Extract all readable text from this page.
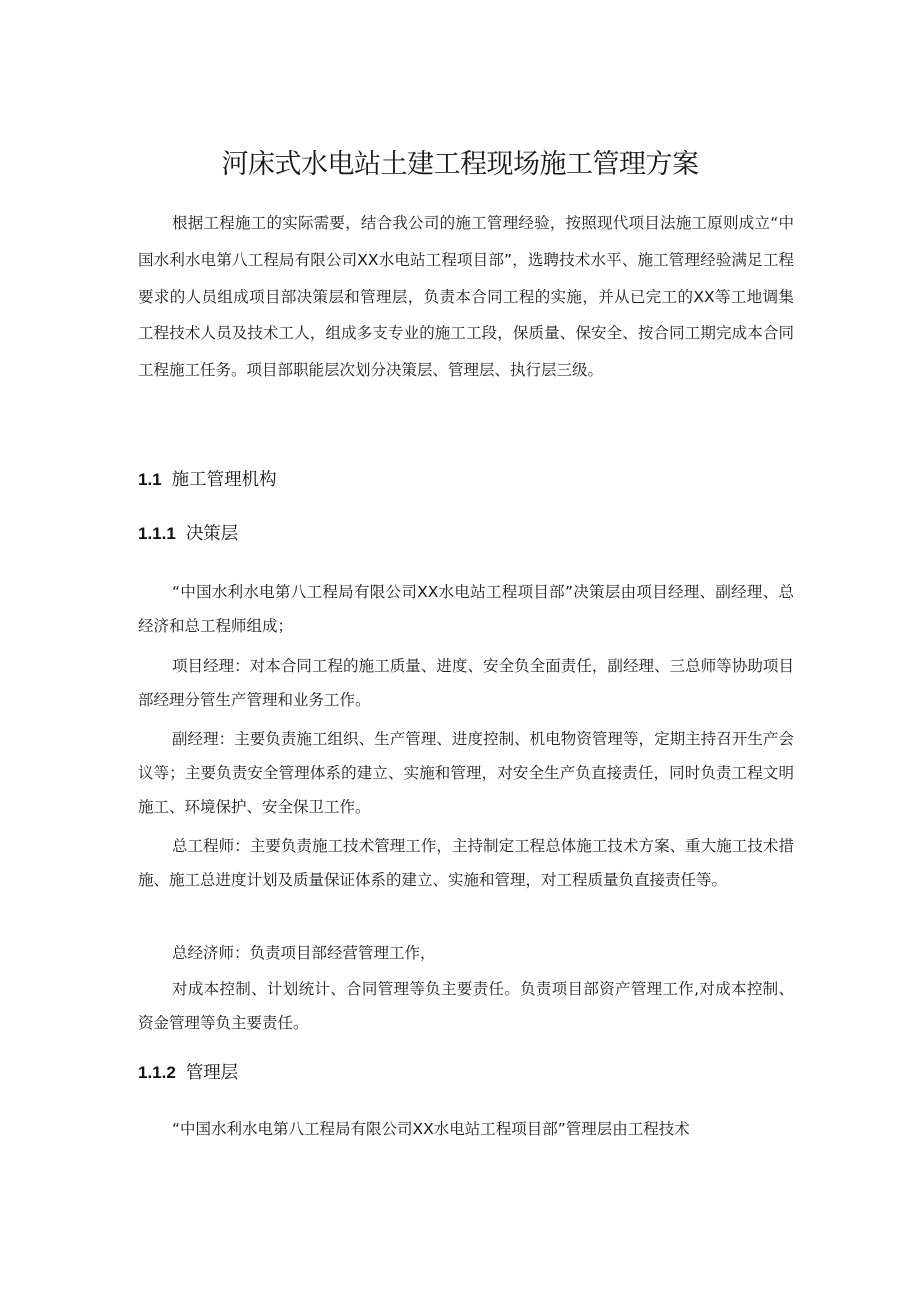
河床式水电站土建工程现场施工管理方案

根据工程施工的实际需要，结合我公司的施工管理经验，按照现代项目法施工原则成立“中国水利水电第八工程局有限公司XX水电站工程项目部”，选聘技术水平、施工管理经验满足工程要求的人员组成项目部决策层和管理层，负责本合同工程的实施，并从已完工的XX等工地调集工程技术人员及技术工人，组成多支专业的施工工段，保质量、保安全、按合同工期完成本合同工程施工任务。项目部职能层次划分决策层、管理层、执行层三级。

1.1 施工管理机构
1.1.1 决策层

“中国水利水电第八工程局有限公司XX水电站工程项目部”决策层由项目经理、副经理、总经济和总工程师组成；

项目经理：对本合同工程的施工质量、进度、安全负全面责任，副经理、三总师等协助项目部经理分管生产管理和业务工作。

副经理：主要负责施工组织、生产管理、进度控制、机电物资管理等，定期主持召开生产会议等；主要负责安全管理体系的建立、实施和管理，对安全生产负直接责任，同时负责工程文明施工、环境保护、安全保卫工作。

总工程师：主要负责施工技术管理工作，主持制定工程总体施工技术方案、重大施工技术措施、施工总进度计划及质量保证体系的建立、实施和管理，对工程质量负直接责任等。

总经济师：负责项目部经营管理工作，

对成本控制、计划统计、合同管理等负主要责任。负责项目部资产管理工作,对成本控制、资金管理等负主要责任。

1.1.2 管理层

“中国水利水电第八工程局有限公司XX水电站工程项目部”管理层由工程技术
